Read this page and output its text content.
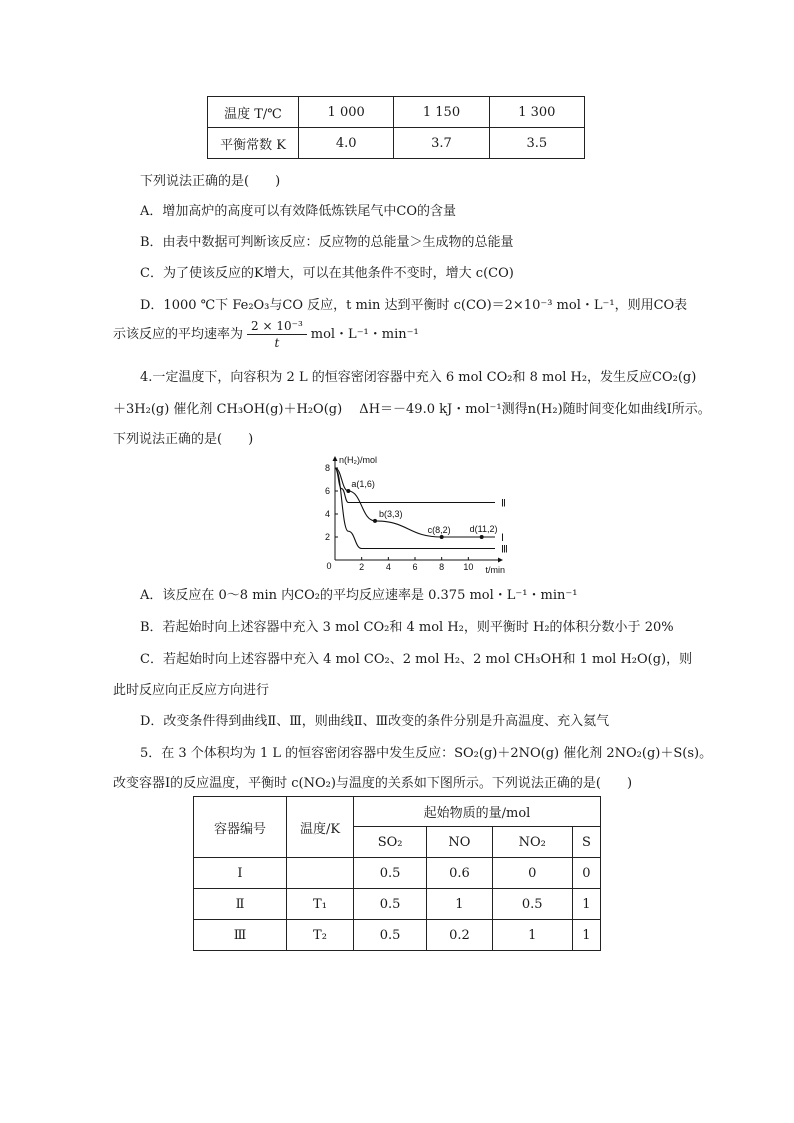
温度 T/℃	1 000	1 150	1 300
平衡常数 K	4.0	3.7	3.5
下列说法正确的是(　　)
A．增加高炉的高度可以有效降低炼铁尾气中CO的含量
B．由表中数据可判断该反应：反应物的总能量＞生成物的总能量
C．为了使该反应的K增大，可以在其他条件不变时，增大 c(CO)
D．1000 ℃下 Fe₂O₃与CO 反应，t min 达到平衡时 c(CO)＝2×10⁻³ mol・L⁻¹，则用CO表
示该反应的平均速率为 $\frac{\text{2 × 10⁻³}}{t}$ mol・L⁻¹・min⁻¹
4.一定温度下，向容积为 2 L 的恒容密闭容器中充入 6 mol CO₂和 8 mol H₂，发生反应CO₂(g)
＋3H₂(g) 催化剂 CH₃OH(g)＋H₂O(g)　 ΔH＝－49.0 kJ・mol⁻¹测得n(H₂)随时间变化如曲线Ⅰ所示。
下列说法正确的是(　　)
0
n(H₂)/mol
t/min
2 4 6 8 10
2
4
6
8
Ⅰ
Ⅱ
Ⅲ
a(1,6)
b(3,3)
c(8,2) d(11,2)
A．该反应在 0～8 min 内CO₂的平均反应速率是 0.375 mol・L⁻¹・min⁻¹
B．若起始时向上述容器中充入 3 mol CO₂和 4 mol H₂，则平衡时 H₂的体积分数小于 20%
C．若起始时向上述容器中充入 4 mol CO₂、2 mol H₂、2 mol CH₃OH和 1 mol H₂O(g)，则
此时反应向正反应方向进行
D．改变条件得到曲线Ⅱ、Ⅲ，则曲线Ⅱ、Ⅲ改变的条件分别是升高温度、充入氦气
5．在 3 个体积均为 1 L 的恒容密闭容器中发生反应：SO₂(g)＋2NO(g) 催化剂 2NO₂(g)＋S(s)。
改变容器Ⅰ的反应温度，平衡时 c(NO₂)与温度的关系如下图所示。下列说法正确的是(　　)
容器编号	温度/K	起始物质的量/mol			
		SO₂	NO	NO₂	S
Ⅰ		0.5	0.6	0	0
Ⅱ	T₁	0.5	1	0.5	1
Ⅲ	T₂	0.5	0.2	1	1
